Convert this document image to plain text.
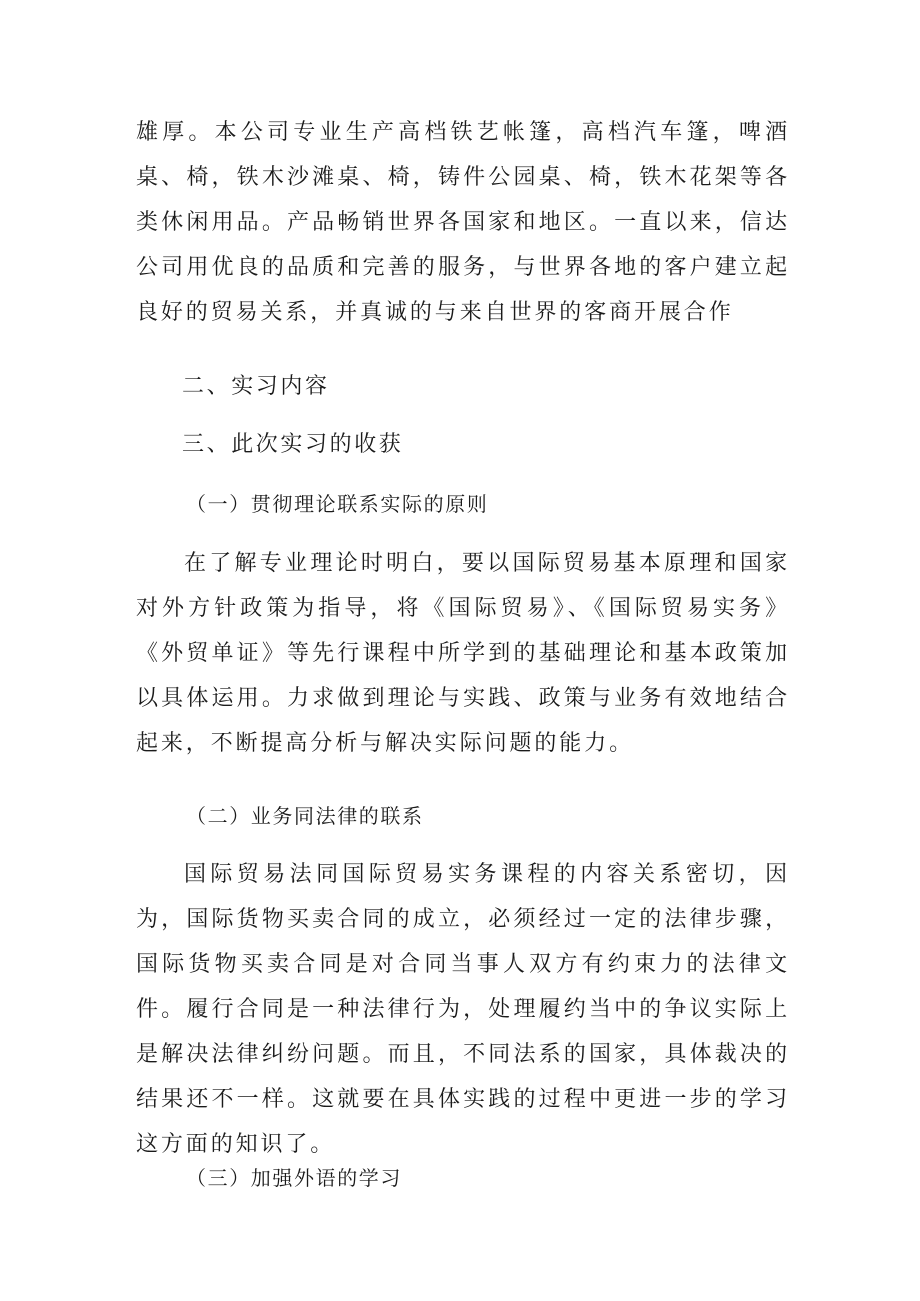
雄厚。本公司专业生产高档铁艺帐篷，高档汽车篷，啤酒桌、椅，铁木沙滩桌、椅，铸件公园桌、椅，铁木花架等各类休闲用品。产品畅销世界各国家和地区。一直以来，信达公司用优良的品质和完善的服务，与世界各地的客户建立起良好的贸易关系，并真诚的与来自世界的客商开展合作

二、实习内容

三、此次实习的收获

（一）贯彻理论联系实际的原则

在了解专业理论时明白，要以国际贸易基本原理和国家对外方针政策为指导，将《国际贸易》、《国际贸易实务》《外贸单证》等先行课程中所学到的基础理论和基本政策加以具体运用。力求做到理论与实践、政策与业务有效地结合起来，不断提高分析与解决实际问题的能力。

（二）业务同法律的联系

国际贸易法同国际贸易实务课程的内容关系密切，因为，国际货物买卖合同的成立，必须经过一定的法律步骤，国际货物买卖合同是对合同当事人双方有约束力的法律文件。履行合同是一种法律行为，处理履约当中的争议实际上是解决法律纠纷问题。而且，不同法系的国家，具体裁决的结果还不一样。这就要在具体实践的过程中更进一步的学习这方面的知识了。

（三）加强外语的学习
